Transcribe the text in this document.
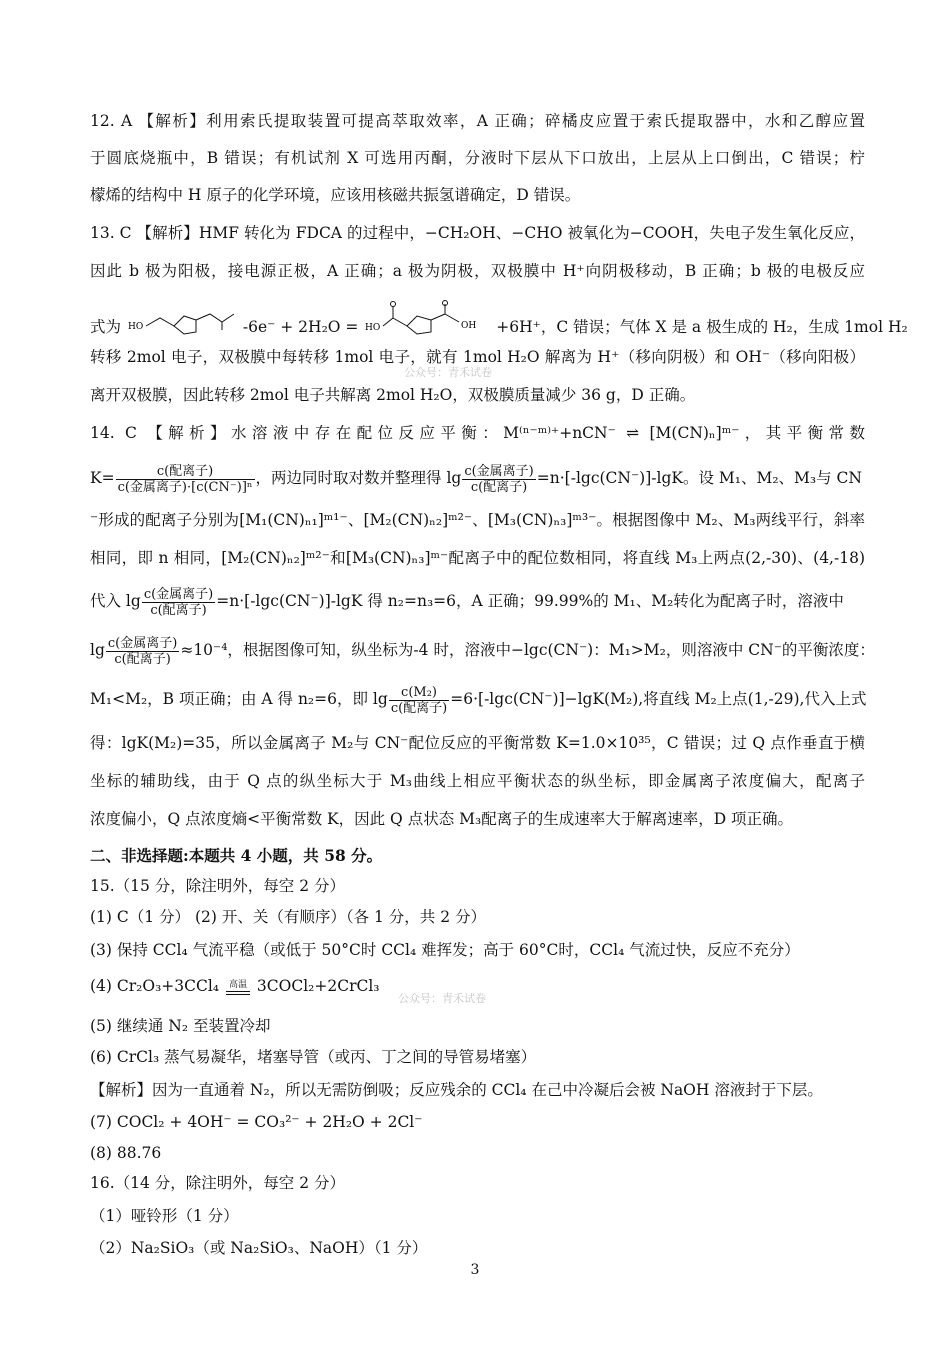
12. A 【解析】利用索氏提取装置可提高萃取效率，A 正确；碎橘皮应置于索氏提取器中，水和乙醇应置
于圆底烧瓶中，B 错误；有机试剂 X 可选用丙酮，分液时下层从下口放出，上层从上口倒出，C 错误；柠
檬烯的结构中 H 原子的化学环境，应该用核磁共振氢谱确定，D 错误。
13. C 【解析】HMF 转化为 FDCA 的过程中，−CH₂OH、−CHO 被氧化为−COOH，失电子发生氧化反应，
因此 b 极为阳极，接电源正极，A 正确；a 极为阴极，双极膜中 H⁺向阴极移动，B 正确；b 极的电极反应
式为 HO	-6e⁻ + 2H₂O = HO	OH +6H⁺，C 错误；气体 X 是 a 极生成的 H₂，生成 1mol H₂
转移 2mol 电子，双极膜中每转移 1mol 电子，就有 1mol H₂O 解离为 H⁺（移向阴极）和 OH⁻（移向阳极）
离开双极膜，因此转移 2mol 电子共解离 2mol H₂O，双极膜质量减少 36 g，D 正确。
公众号：青禾试卷
14. C 【解析】水溶液中存在配位反应平衡：M⁽ⁿ⁻ᵐ⁾⁺+nCN⁻ ⇌ [M(CN)ₙ]ᵐ⁻，其平衡常数
$K= \frac{\text{c(配离子)}}{\text{c(金属离子)·[c(CN⁻)]ⁿ}}$ ，两边同时取对数并整理得 $\lg \frac{\text{c(金属离子)}}{\text{c(配离子)}} =n\cdot[-\lg c(CN^-)]-\lg K$。设 M₁、M₂、M₃与 CN
⁻形成的配离子分别为[M₁(CN)ₙ₁]ᵐ¹⁻、[M₂(CN)ₙ₂]ᵐ²⁻、[M₃(CN)ₙ₃]ᵐ³⁻。根据图像中 M₂、M₃两线平行，斜率
相同，即 n 相同，[M₂(CN)ₙ₂]ᵐ²⁻和[M₃(CN)ₙ₃]ᵐ⁻配离子中的配位数相同，将直线 M₃上两点(2,-30)、(4,-18)
代入 $\lg \frac{\text{c(金属离子)}}{\text{c(配离子)}} =n\cdot[-\lg c(CN^-)]-\lg K$ 得 n₂=n₃=6，A 正确；99.99%的 M₁、M₂转化为配离子时，溶液中
$\lg \frac{\text{c(金属离子)}}{\text{c(配离子)}} \approx 10^{-4}$，根据图像可知，纵坐标为-4 时，溶液中−lgc(CN⁻)：M₁>M₂，则溶液中 CN⁻的平衡浓度：
M₁<M₂，B 项正确；由 A 得 n₂=6，即 $\lg \frac{\text{c(M₂)}}{\text{c(配离子)}} =6\cdot[-\lg c(CN^-)]-\lg K(M_2)$,将直线 M₂上点(1,-29),代入上式
得：lgK(M₂)=35，所以金属离子 M₂与 CN⁻配位反应的平衡常数 K=1.0×10³⁵，C 错误；过 Q 点作垂直于横
坐标的辅助线，由于 Q 点的纵坐标大于 M₃曲线上相应平衡状态的纵坐标，即金属离子浓度偏大，配离子
浓度偏小，Q 点浓度熵<平衡常数 K，因此 Q 点状态 M₃配离子的生成速率大于解离速率，D 项正确。
二、非选择题:本题共 4 小题，共 58 分。
15.（15 分，除注明外，每空 2 分）
(1) C（1 分） (2) 开、关（有顺序）（各 1 分，共 2 分）
(3) 保持 CCl₄ 气流平稳（或低于 50°C时 CCl₄ 难挥发；高于 60°C时，CCl₄ 气流过快，反应不充分）
(4) Cr₂O₃+3CCl₄	高温 3COCl₂+2CrCl₃
公众号：青禾试卷
(5) 继续通 N₂ 至装置冷却
(6) CrCl₃ 蒸气易凝华，堵塞导管（或丙、丁之间的导管易堵塞）
【解析】因为一直通着 N₂，所以无需防倒吸；反应残余的 CCl₄ 在己中冷凝后会被 NaOH 溶液封于下层。
(7) COCl₂ + 4OH⁻ = CO₃²⁻ + 2H₂O + 2Cl⁻
(8) 88.76
16.（14 分，除注明外，每空 2 分）
（1）哑铃形（1 分）
（2）Na₂SiO₃（或 Na₂SiO₃、NaOH）（1 分）
3
